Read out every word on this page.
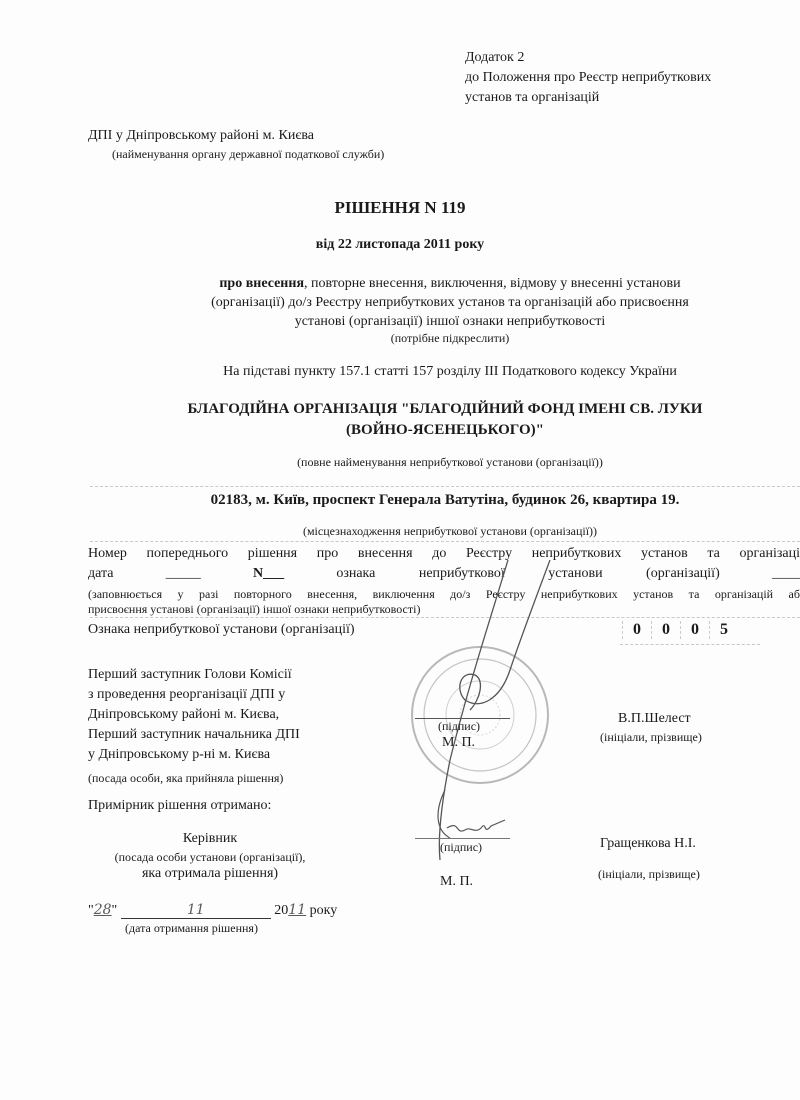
Додаток 2
до Положення про Реєстр неприбуткових
установ та організацій
ДПІ у Дніпровському районі м. Києва
(найменування органу державної податкової служби)
РІШЕННЯ N 119
від 22 листопада 2011 року
про внесення, повторне внесення, виключення, відмову у внесенні установи
(організації) до/з Реєстру неприбуткових установ та організацій або присвоєння
установі (організації) іншої ознаки неприбутковості
(потрібне підкреслити)
На підставі пункту 157.1 статті 157 розділу ІІІ Податкового кодексу України
БЛАГОДІЙНА ОРГАНІЗАЦІЯ "БЛАГОДІЙНИЙ ФОНД ІМЕНІ СВ. ЛУКИ
(ВОЙНО-ЯСЕНЕЦЬКОГО)"
(повне найменування неприбуткової установи (організації))
02183, м. Київ, проспект Генерала Ватутіна, будинок 26, квартира 19.
(місцезнаходження неприбуткової установи (організації))
Номер попереднього рішення про внесення до Реєстру неприбуткових установ та організаці
дата	_____	N___	ознака неприбуткової установи (організації)	____
(заповнюється у разі повторного внесення, виключення до/з Реєстру неприбуткових установ та організацій аб
присвоєння установі (організації) іншої ознаки неприбутковості)
Ознака неприбуткової установи (організації)	0 0 0 5
Перший заступник Голови Комісії
з проведення реорганізації ДПІ у
Дніпровському районі м. Києва,
Перший заступник начальника ДПІ
у Дніпровському р-ні м. Києва
(посада особи, яка прийняла рішення)
(підпис)
М. П.
В.П.Шелест
(ініціали, прізвище)
Примірник рішення отримано:
Керівник
(посада особи установи (організації),
яка отримала рішення)
(підпис)
М. П.
Гращенкова Н.І.
(ініціали, прізвище)
"28"	11	2011 року
(дата отримання рішення)
